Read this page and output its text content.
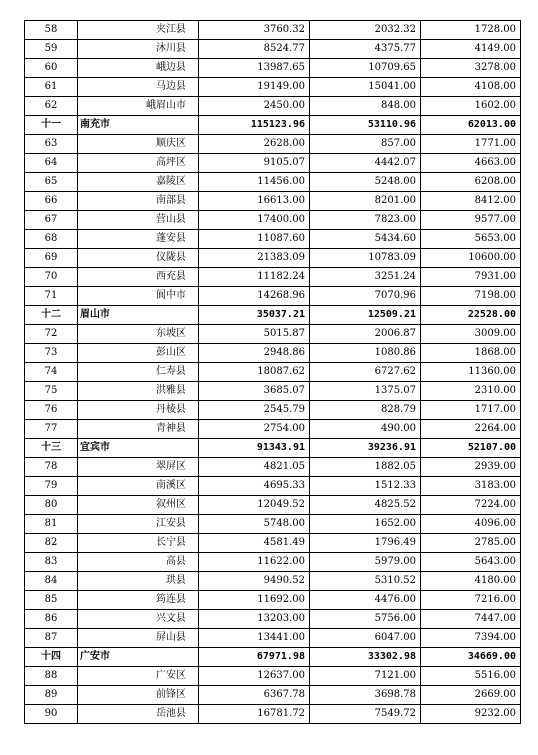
58	夹江县	3760.32	2032.32	1728.00
59	沐川县	8524.77	4375.77	4149.00
60	峨边县	13987.65	10709.65	3278.00
61	马边县	19149.00	15041.00	4108.00
62	峨眉山市	2450.00	848.00	1602.00
十一	南充市	115123.96	53110.96	62013.00
63	顺庆区	2628.00	857.00	1771.00
64	高坪区	9105.07	4442.07	4663.00
65	嘉陵区	11456.00	5248.00	6208.00
66	南部县	16613.00	8201.00	8412.00
67	营山县	17400.00	7823.00	9577.00
68	蓬安县	11087.60	5434.60	5653.00
69	仪陇县	21383.09	10783.09	10600.00
70	西充县	11182.24	3251.24	7931.00
71	阆中市	14268.96	7070.96	7198.00
十二	眉山市	35037.21	12509.21	22528.00
72	东坡区	5015.87	2006.87	3009.00
73	彭山区	2948.86	1080.86	1868.00
74	仁寿县	18087.62	6727.62	11360.00
75	洪雅县	3685.07	1375.07	2310.00
76	丹棱县	2545.79	828.79	1717.00
77	青神县	2754.00	490.00	2264.00
十三	宜宾市	91343.91	39236.91	52107.00
78	翠屏区	4821.05	1882.05	2939.00
79	南溪区	4695.33	1512.33	3183.00
80	叙州区	12049.52	4825.52	7224.00
81	江安县	5748.00	1652.00	4096.00
82	长宁县	4581.49	1796.49	2785.00
83	高县	11622.00	5979.00	5643.00
84	珙县	9490.52	5310.52	4180.00
85	筠连县	11692.00	4476.00	7216.00
86	兴文县	13203.00	5756.00	7447.00
87	屏山县	13441.00	6047.00	7394.00
十四	广安市	67971.98	33302.98	34669.00
88	广安区	12637.00	7121.00	5516.00
89	前锋区	6367.78	3698.78	2669.00
90	岳池县	16781.72	7549.72	9232.00
